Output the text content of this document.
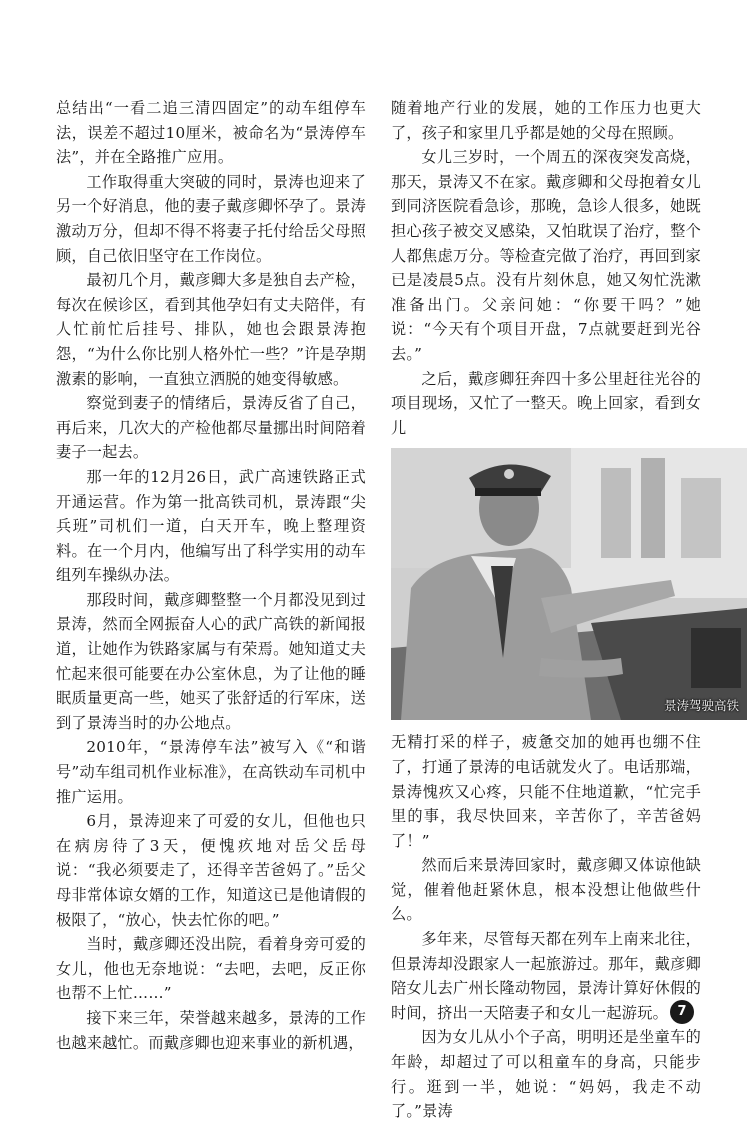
总结出“一看二追三清四固定”的动车组停车法，误差不超过10厘米，被命名为“景涛停车法”，并在全路推广应用。

工作取得重大突破的同时，景涛也迎来了另一个好消息，他的妻子戴彦卿怀孕了。景涛激动万分，但却不得不将妻子托付给岳父母照顾，自己依旧坚守在工作岗位。

最初几个月，戴彦卿大多是独自去产检，每次在候诊区，看到其他孕妇有丈夫陪伴，有人忙前忙后挂号、排队，她也会跟景涛抱怨，“为什么你比别人格外忙一些？”许是孕期激素的影响，一直独立洒脱的她变得敏感。

察觉到妻子的情绪后，景涛反省了自己，再后来，几次大的产检他都尽量挪出时间陪着妻子一起去。

那一年的12月26日，武广高速铁路正式开通运营。作为第一批高铁司机，景涛跟“尖兵班”司机们一道，白天开车，晚上整理资料。在一个月内，他编写出了科学实用的动车组列车操纵办法。

那段时间，戴彦卿整整一个月都没见到过景涛，然而全网振奋人心的武广高铁的新闻报道，让她作为铁路家属与有荣焉。她知道丈夫忙起来很可能要在办公室休息，为了让他的睡眠质量更高一些，她买了张舒适的行军床，送到了景涛当时的办公地点。

2010年，“景涛停车法”被写入《“和谐号”动车组司机作业标准》，在高铁动车司机中推广运用。

6月，景涛迎来了可爱的女儿，但他也只在病房待了3天，便愧疚地对岳父岳母说：“我必须要走了，还得辛苦爸妈了。”岳父母非常体谅女婿的工作，知道这已是他请假的极限了，“放心，快去忙你的吧。”

当时，戴彦卿还没出院，看着身旁可爱的女儿，他也无奈地说：“去吧，去吧，反正你也帮不上忙……”

接下来三年，荣誉越来越多，景涛的工作也越来越忙。而戴彦卿也迎来事业的新机遇，

随着地产行业的发展，她的工作压力也更大了，孩子和家里几乎都是她的父母在照顾。

女儿三岁时，一个周五的深夜突发高烧，那天，景涛又不在家。戴彦卿和父母抱着女儿到同济医院看急诊，那晚，急诊人很多，她既担心孩子被交叉感染，又怕耽误了治疗，整个人都焦虑万分。等检查完做了治疗，再回到家已是凌晨5点。没有片刻休息，她又匆忙洗漱准备出门。父亲问她：“你要干吗？”她说：“今天有个项目开盘，7点就要赶到光谷去。”

之后，戴彦卿狂奔四十多公里赶往光谷的项目现场，又忙了一整天。晚上回家，看到女儿

景涛驾驶高铁

无精打采的样子，疲惫交加的她再也绷不住了，打通了景涛的电话就发火了。电话那端，景涛愧疚又心疼，只能不住地道歉，“忙完手里的事，我尽快回来，辛苦你了，辛苦爸妈了！”

然而后来景涛回家时，戴彦卿又体谅他缺觉，催着他赶紧休息，根本没想让他做些什么。

多年来，尽管每天都在列车上南来北往，但景涛却没跟家人一起旅游过。那年，戴彦卿陪女儿去广州长隆动物园，景涛计算好休假的时间，挤出一天陪妻子和女儿一起游玩。

因为女儿从小个子高，明明还是坐童车的年龄，却超过了可以租童车的身高，只能步行。逛到一半，她说：“妈妈，我走不动了。”景涛

7
